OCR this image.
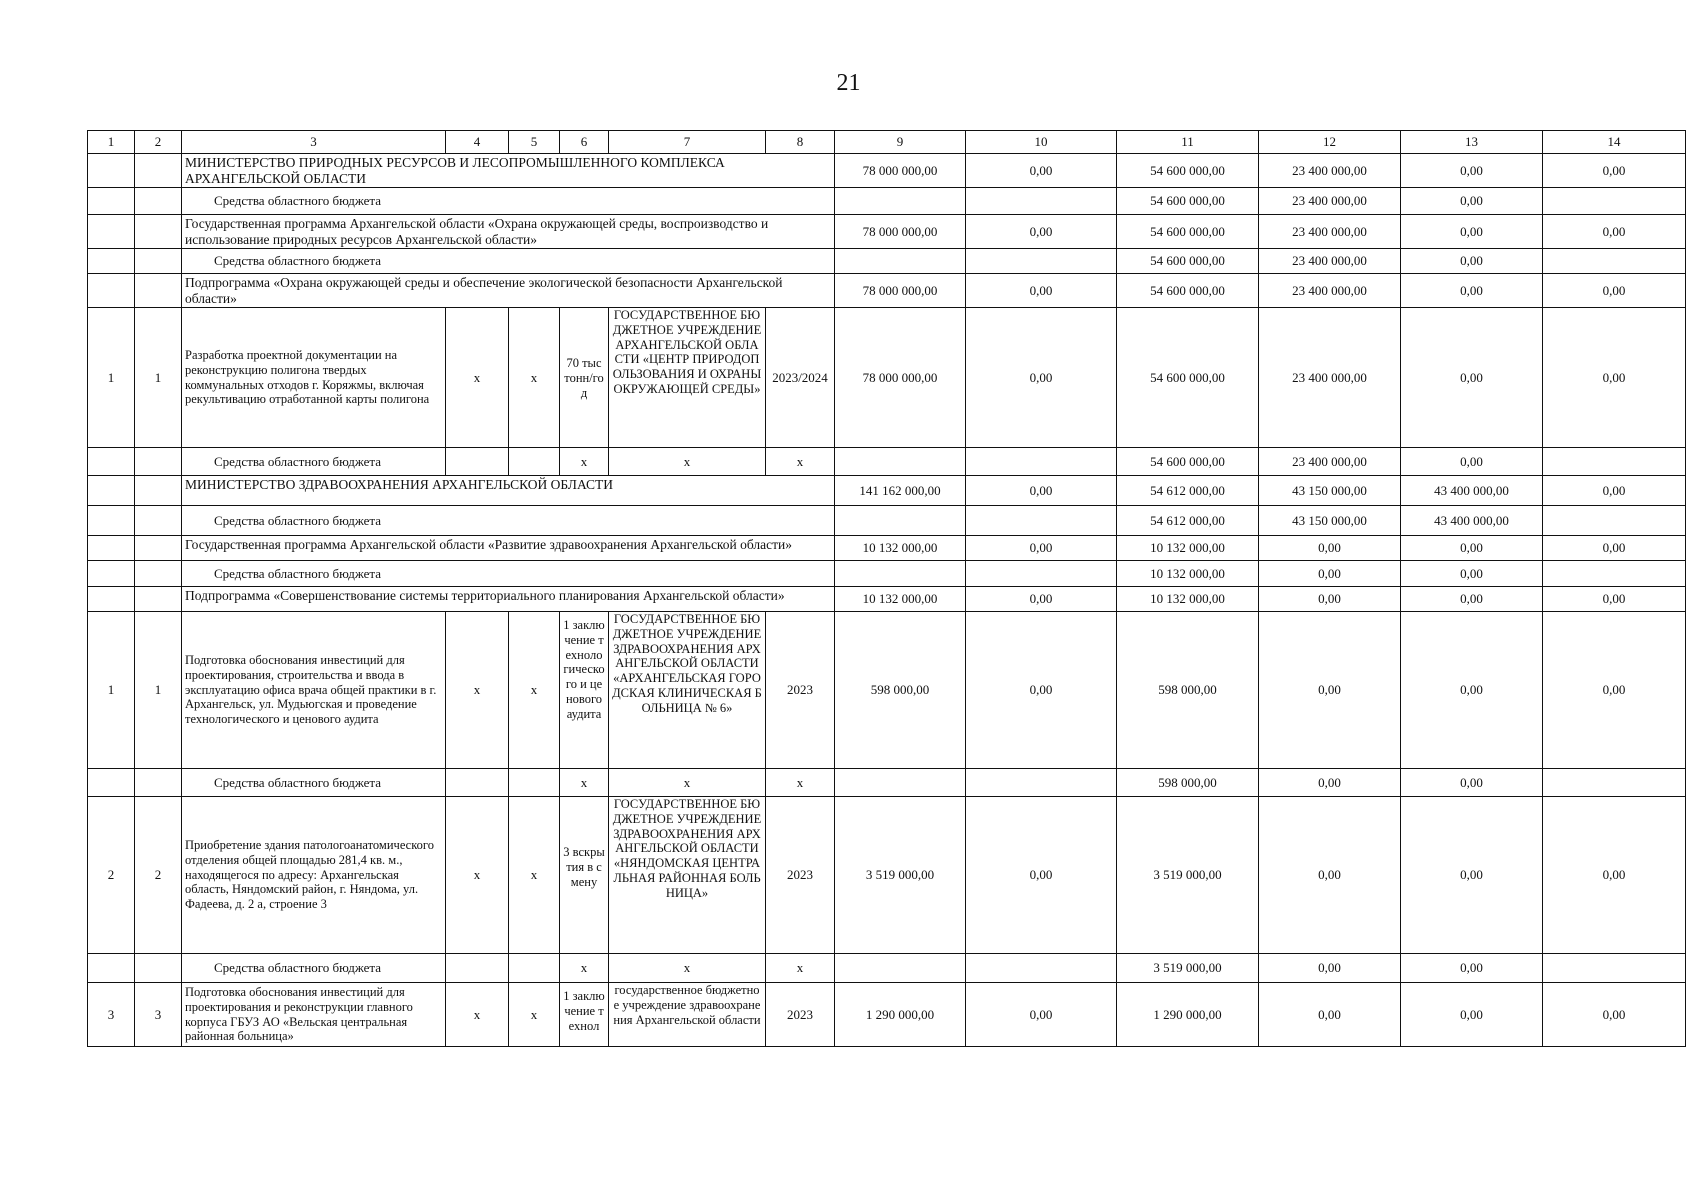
21
1	2	3	4	5	6	7	8	9	10	11	12	13	14
		МИНИСТЕРСТВО ПРИРОДНЫХ РЕСУРСОВ И ЛЕСОПРОМЫШЛЕННОГО КОМПЛЕКСА АРХАНГЕЛЬСКОЙ ОБЛАСТИ						78 000 000,00	0,00	54 600 000,00	23 400 000,00	0,00	0,00
		Средства областного бюджета								54 600 000,00	23 400 000,00	0,00	
		Государственная программа Архангельской области «Охрана окружающей среды, воспроизводство и использование природных ресурсов Архангельской области»						78 000 000,00	0,00	54 600 000,00	23 400 000,00	0,00	0,00
		Средства областного бюджета								54 600 000,00	23 400 000,00	0,00	
		Подпрограмма «Охрана окружающей среды и обеспечение экологической безопасности Архангельской области»						78 000 000,00	0,00	54 600 000,00	23 400 000,00	0,00	0,00
1	1	Разработка проектной документации на реконструкцию полигона твердых коммунальных отходов г. Коряжмы, включая рекультивацию отработанной карты полигона	х	х	70 тыс тонн/год	ГОСУДАРСТВЕННОЕ БЮДЖЕТНОЕ УЧРЕЖДЕНИЕ АРХАНГЕЛЬСКОЙ ОБЛАСТИ «ЦЕНТР ПРИРОДОПОЛЬЗОВАНИЯ И ОХРАНЫ ОКРУЖАЮЩЕЙ СРЕДЫ»	2023/2024	78 000 000,00	0,00	54 600 000,00	23 400 000,00	0,00	0,00
		Средства областного бюджета			х	х	х			54 600 000,00	23 400 000,00	0,00	
		МИНИСТЕРСТВО ЗДРАВООХРАНЕНИЯ АРХАНГЕЛЬСКОЙ ОБЛАСТИ						141 162 000,00	0,00	54 612 000,00	43 150 000,00	43 400 000,00	0,00
		Средства областного бюджета								54 612 000,00	43 150 000,00	43 400 000,00	
		Государственная программа Архангельской области «Развитие здравоохранения Архангельской области»						10 132 000,00	0,00	10 132 000,00	0,00	0,00	0,00
		Средства областного бюджета								10 132 000,00	0,00	0,00	
		Подпрограмма «Совершенствование системы территориального планирования Архангельской области»						10 132 000,00	0,00	10 132 000,00	0,00	0,00	0,00
1	1	Подготовка обоснования инвестиций для проектирования, строительства и ввода в эксплуатацию офиса врача общей практики в г. Архангельск, ул. Мудьюгская и проведение технологического и ценового аудита	х	х	1 заключение технологического и ценового аудита	ГОСУДАРСТВЕННОЕ БЮДЖЕТНОЕ УЧРЕЖДЕНИЕ ЗДРАВООХРАНЕНИЯ АРХАНГЕЛЬСКОЙ ОБЛАСТИ «АРХАНГЕЛЬСКАЯ ГОРОДСКАЯ КЛИНИЧЕСКАЯ БОЛЬНИЦА № 6»	2023	598 000,00	0,00	598 000,00	0,00	0,00	0,00
		Средства областного бюджета			х	х	х			598 000,00	0,00	0,00	
2	2	Приобретение здания патологоанатомического отделения общей площадью 281,4 кв. м., находящегося по адресу: Архангельская область, Няндомский район, г. Няндома, ул. Фадеева, д. 2 а, строение 3	х	х	3 вскрытия в смену	ГОСУДАРСТВЕННОЕ БЮДЖЕТНОЕ УЧРЕЖДЕНИЕ ЗДРАВООХРАНЕНИЯ АРХАНГЕЛЬСКОЙ ОБЛАСТИ «НЯНДОМСКАЯ ЦЕНТРАЛЬНАЯ РАЙОННАЯ БОЛЬНИЦА»	2023	3 519 000,00	0,00	3 519 000,00	0,00	0,00	0,00
		Средства областного бюджета			х	х	х			3 519 000,00	0,00	0,00	
3	3	Подготовка обоснования инвестиций для проектирования и реконструкции главного корпуса ГБУЗ АО «Вельская центральная районная больница»	х	х	1 заключение технол	государственное бюджетное учреждение здравоохранения Архангельской области	2023	1 290 000,00	0,00	1 290 000,00	0,00	0,00	0,00
